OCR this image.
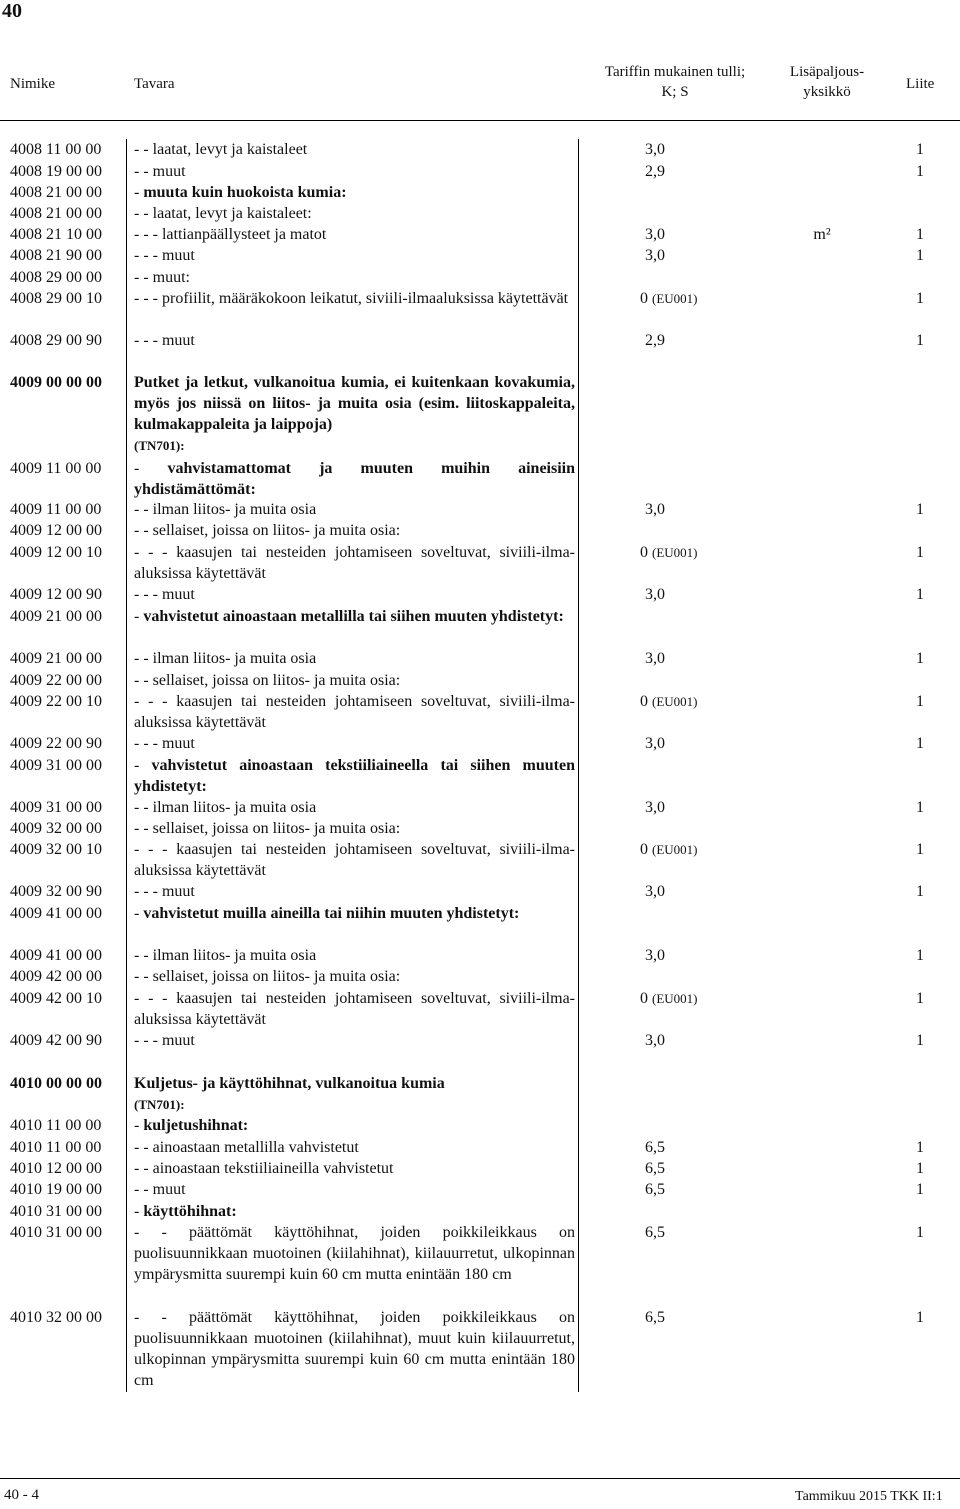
40
Nimike	Tavara
Tariffin mukainen tulli;
K; S
Lisäpaljous-
yksikkö	Liite
4008 11 00 00 - - laatat, levyt ja kaistaleet	3,0	1
4008 19 00 00 - - muut	2,9	1
4008 21 00 00 - muuta kuin huokoista kumia:
4008 21 00 00 - - laatat, levyt ja kaistaleet:
4008 21 10 00 - - - lattianpäällysteet ja matot	3,0	m²	1
4008 21 90 00 - - - muut	3,0	1
4008 29 00 00 - - muut:
4008 29 00 10 - - - profiilit, määräkokoon leikatut, siviili-ilmaaluksissa käytettävät	0 (EU001)	1
4008 29 00 90 - - - muut	2,9	1
4009 00 00 00 Putket ja letkut, vulkanoitua kumia, ei kuitenkaan kovakumia, myös jos niissä on liitos- ja muita osia (esim. liitoskappaleita, kulmakappaleita ja laippoja)
(TN701):
4009 11 00 00 - vahvistamattomat ja muuten muihin aineisiin yhdistämättömät:
4009 11 00 00 - - ilman liitos- ja muita osia	3,0	1
4009 12 00 00 - - sellaiset, joissa on liitos- ja muita osia:
4009 12 00 10 - - - kaasujen tai nesteiden johtamiseen soveltuvat, siviili-ilma-aluksissa käytettävät
0 (EU001)	1
4009 12 00 90 - - - muut	3,0	1
4009 21 00 00 - vahvistetut ainoastaan metallilla tai siihen muuten yhdistetyt:
4009 21 00 00 - - ilman liitos- ja muita osia	3,0	1
4009 22 00 00 - - sellaiset, joissa on liitos- ja muita osia:
4009 22 00 10 - - - kaasujen tai nesteiden johtamiseen soveltuvat, siviili-ilma-aluksissa käytettävät
0 (EU001)	1
4009 22 00 90 - - - muut	3,0	1
4009 31 00 00 - vahvistetut ainoastaan tekstiiliaineella tai siihen muuten yhdistetyt:
4009 31 00 00 - - ilman liitos- ja muita osia	3,0	1
4009 32 00 00 - - sellaiset, joissa on liitos- ja muita osia:
4009 32 00 10 - - - kaasujen tai nesteiden johtamiseen soveltuvat, siviili-ilma-aluksissa käytettävät
0 (EU001)	1
4009 32 00 90 - - - muut	3,0	1
4009 41 00 00 - vahvistetut muilla aineilla tai niihin muuten yhdistetyt:
4009 41 00 00 - - ilman liitos- ja muita osia	3,0	1
4009 42 00 00 - - sellaiset, joissa on liitos- ja muita osia:
4009 42 00 10 - - - kaasujen tai nesteiden johtamiseen soveltuvat, siviili-ilma-aluksissa käytettävät
0 (EU001)	1
4009 42 00 90 - - - muut	3,0	1
4010 00 00 00 Kuljetus- ja käyttöhihnat, vulkanoitua kumia
(TN701):
4010 11 00 00 - kuljetushihnat:
4010 11 00 00 - - ainoastaan metallilla vahvistetut	6,5	1
4010 12 00 00 - - ainoastaan tekstiiliaineilla vahvistetut	6,5	1
4010 19 00 00 - - muut	6,5	1
4010 31 00 00 - käyttöhihnat:
4010 31 00 00 - - päättömät käyttöhihnat, joiden poikkileikkaus on puolisuunnikkaan muotoinen (kiilahihnat), kiilauurretut, ulkopinnan ympärysmitta suurempi kuin 60 cm mutta enintään 180 cm
6,5	1
4010 32 00 00 - - päättömät käyttöhihnat, joiden poikkileikkaus on puolisuunnikkaan muotoinen (kiilahihnat), muut kuin kiilauurretut, ulkopinnan ympärysmitta suurempi kuin 60 cm mutta enintään 180 cm
6,5	1
40 - 4	Tammikuu 2015 TKK II:1
